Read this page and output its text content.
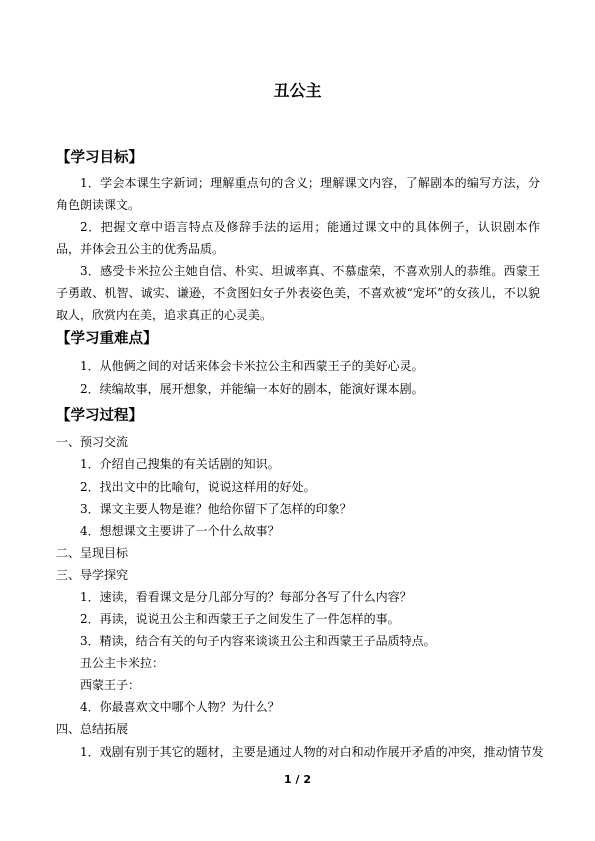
丑公主
【学习目标】
1．学会本课生字新词；理解重点句的含义；理解课文内容，了解剧本的编写方法，分角色朗读课文。
2．把握文章中语言特点及修辞手法的运用；能通过课文中的具体例子，认识剧本作品，并体会丑公主的优秀品质。
3．感受卡米拉公主她自信、朴实、坦诚率真、不慕虚荣，不喜欢别人的恭维。西蒙王子勇敢、机智、诚实、谦逊，不贪图妇女子外表姿色美，不喜欢被“宠坏”的女孩儿，不以貌取人，欣赏内在美，追求真正的心灵美。
【学习重难点】
1．从他俩之间的对话来体会卡米拉公主和西蒙王子的美好心灵。
2．续编故事，展开想象，并能编一本好的剧本，能演好课本剧。
【学习过程】
一、预习交流
1．介绍自己搜集的有关话剧的知识。
2．找出文中的比喻句，说说这样用的好处。
3．课文主要人物是谁？他给你留下了怎样的印象？
4．想想课文主要讲了一个什么故事？
二、呈现目标
三、导学探究
1．速读，看看课文是分几部分写的？每部分各写了什么内容？
2．再读，说说丑公主和西蒙王子之间发生了一件怎样的事。
3．精读，结合有关的句子内容来谈谈丑公主和西蒙王子品质特点。
丑公主卡米拉：
西蒙王子：
4．你最喜欢文中哪个人物？为什么？
四、总结拓展
1．戏剧有别于其它的题材，主要是通过人物的对白和动作展开矛盾的冲突，推动情节发
1 / 2
